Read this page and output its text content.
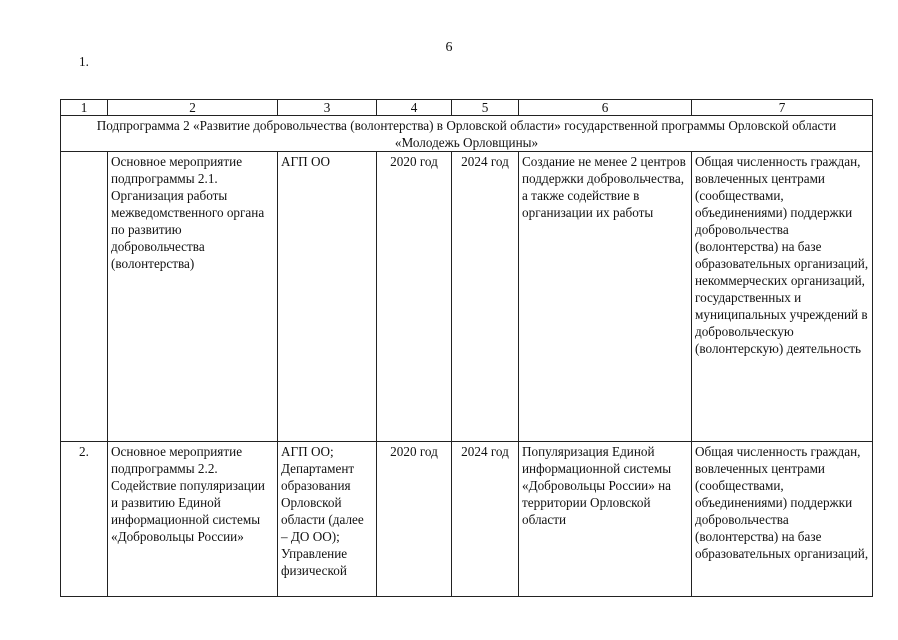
6
1	2	3	4	5	6	7
Подпрограмма 2 «Развитие добровольчества (волонтерства) в Орловской области» государственной программы Орловской области «Молодежь Орловщины»						

1.	Основное мероприятие подпрограммы 2.1. Организация работы межведомственного органа по развитию добровольчества (волонтерства)	АГП ОО	2020 год	2024 год	Создание не менее 2 центров поддержки добровольчества, а также содействие в организации их работы	Общая численность граждан, вовлеченных центрами (сообществами, объединениями) поддержки добровольчества (волонтерства) на базе образовательных организаций, некоммерческих организаций, государственных и муниципальных учреждений в добровольческую (волонтерскую) деятельность

2.	Основное мероприятие подпрограммы 2.2. Содействие популяризации и развитию Единой информационной системы «Добровольцы России»	АГП ОО; Департамент образования Орловской области (далее – ДО ОО); Управление физической	2020 год	2024 год	Популяризация Единой информационной системы «Добровольцы России» на территории Орловской области	Общая численность граждан, вовлеченных центрами (сообществами, объединениями) поддержки добровольчества (волонтерства) на базе образовательных организаций,
